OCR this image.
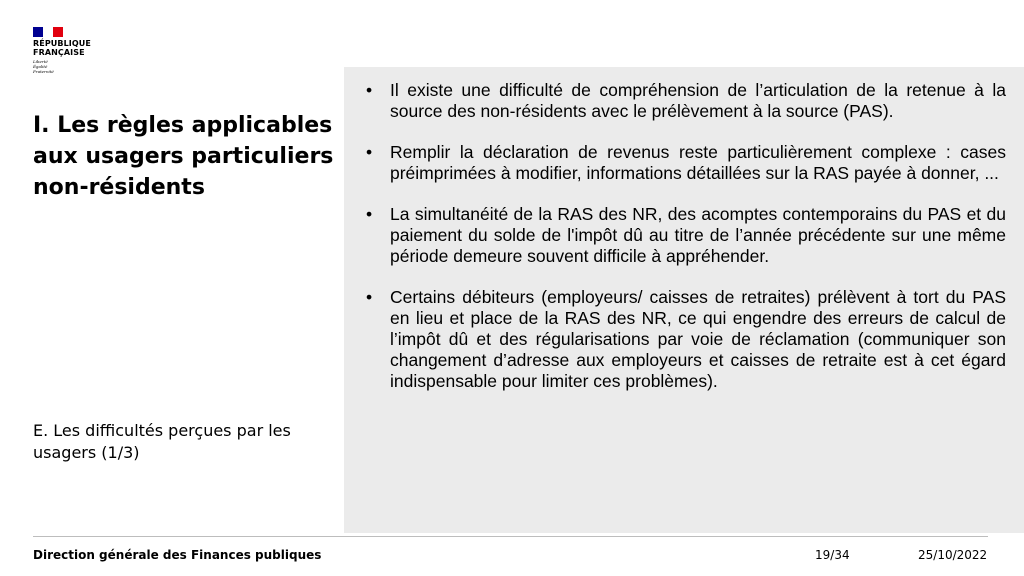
RÉPUBLIQUE
FRANÇAISE
Liberté
Égalité
Fraternité
I. Les règles applicables aux usagers particuliers non-résidents
E. Les difficultés perçues par les usagers (1/3)
• Il existe une difficulté de compréhension de l’articulation de la retenue à la source des non-résidents avec le prélèvement à la source (PAS).
• Remplir la déclaration de revenus reste particulièrement complexe : cases préimprimées à modifier, informations détaillées sur la RAS payée à donner, ...
• La simultanéité de la RAS des NR, des acomptes contemporains du PAS et du paiement du solde de l'impôt dû au titre de l’année précédente sur une même période demeure souvent difficile à appréhender.
• Certains débiteurs (employeurs/ caisses de retraites) prélèvent à tort du PAS en lieu et place de la RAS des NR, ce qui engendre des erreurs de calcul de l’impôt dû et des régularisations par voie de réclamation (communiquer son changement d’adresse aux employeurs et caisses de retraite est à cet égard indispensable pour limiter ces problèmes).
Direction générale des Finances publiques	19/34	25/10/2022
